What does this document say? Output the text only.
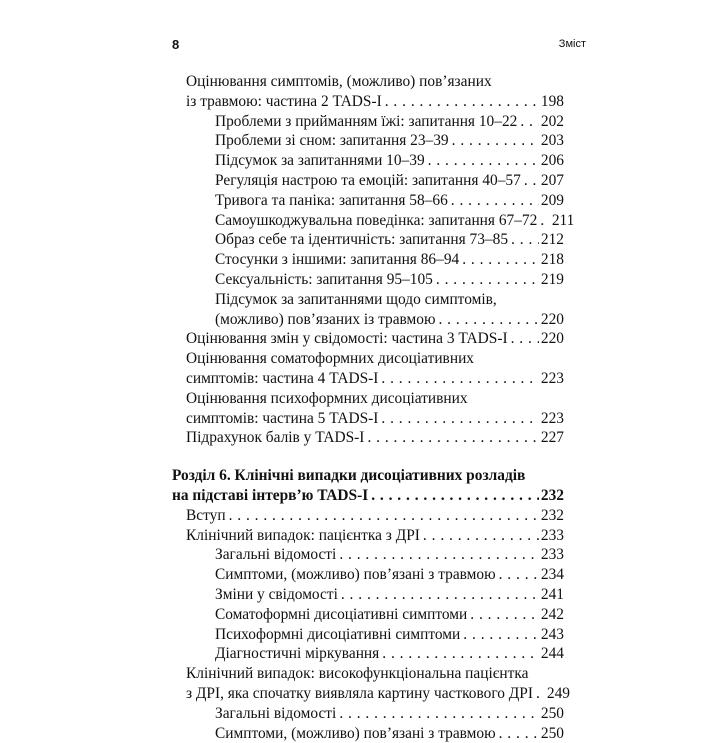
8	Зміст
Оцінювання симптомів, (можливо) пов’язаних
із травмою: частина 2 TADS-I . . .	198
Проблеми з прийманням їжі: запитання 10–22 . . . 202
Проблеми зі сном: запитання 23–39 . . .	203
Підсумок за запитаннями 10–39 . . .	206
Регуляція настрою та емоцій: запитання 40–57 . . . 207
Тривога та паніка: запитання 58–66 . . .	209
Самоушкоджувальна поведінка: запитання 67–72 . . . 211
Образ себе та ідентичність: запитання 73–85 . . . 212
Стосунки з іншими: запитання 86–94 . . .	218
Сексуальність: запитання 95–105 . . .	219
Підсумок за запитаннями щодо симптомів,
(можливо) пов’язаних із травмою . . .	220
Оцінювання змін у свідомості: частина 3 TADS-I . . . 220
Оцінювання соматоформних дисоціативних
симптомів: частина 4 TADS-I . . .	223
Оцінювання психоформних дисоціативних
симптомів: частина 5 TADS-I . . .	223
Підрахунок балів у TADS-I . . .	227
Розділ 6. Клінічні випадки дисоціативних розладів
на підставі інтерв’ю TADS-I . . .	232
Вступ . . .	232
Клінічний випадок: пацієнтка з ДРІ . . .	233
Загальні відомості . . .	233
Симптоми, (можливо) пов’язані з травмою . . .	234
Зміни у свідомості . . .	241
Соматоформні дисоціативні симптоми . . .	242
Психоформні дисоціативні симптоми . . .	243
Діагностичні міркування . . .	244
Клінічний випадок: високофункціональна пацієнтка
з ДРІ, яка спочатку виявляла картину часткового ДРІ . . . 249
Загальні відомості . . .	250
Симптоми, (можливо) пов’язані з травмою . . .	250
